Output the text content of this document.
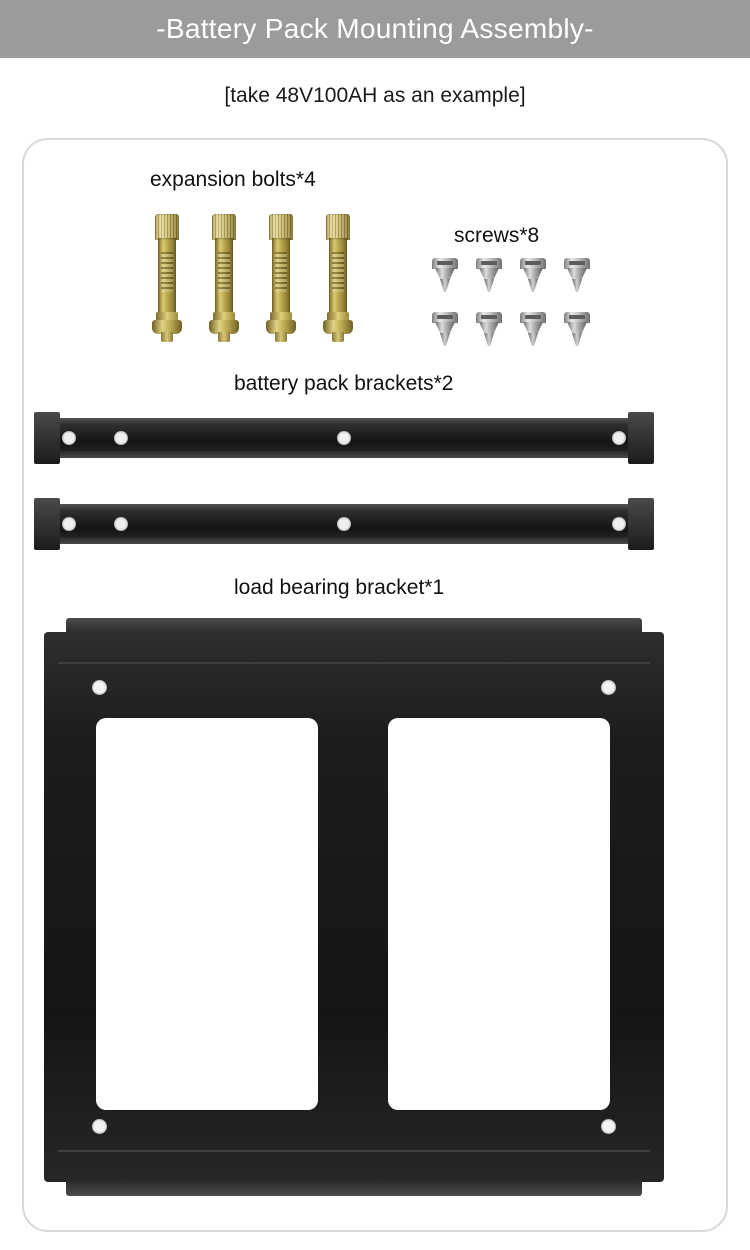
-Battery Pack Mounting Assembly-
[take 48V100AH as an example]
expansion bolts*4
screws*8
battery pack brackets*2
load bearing bracket*1
